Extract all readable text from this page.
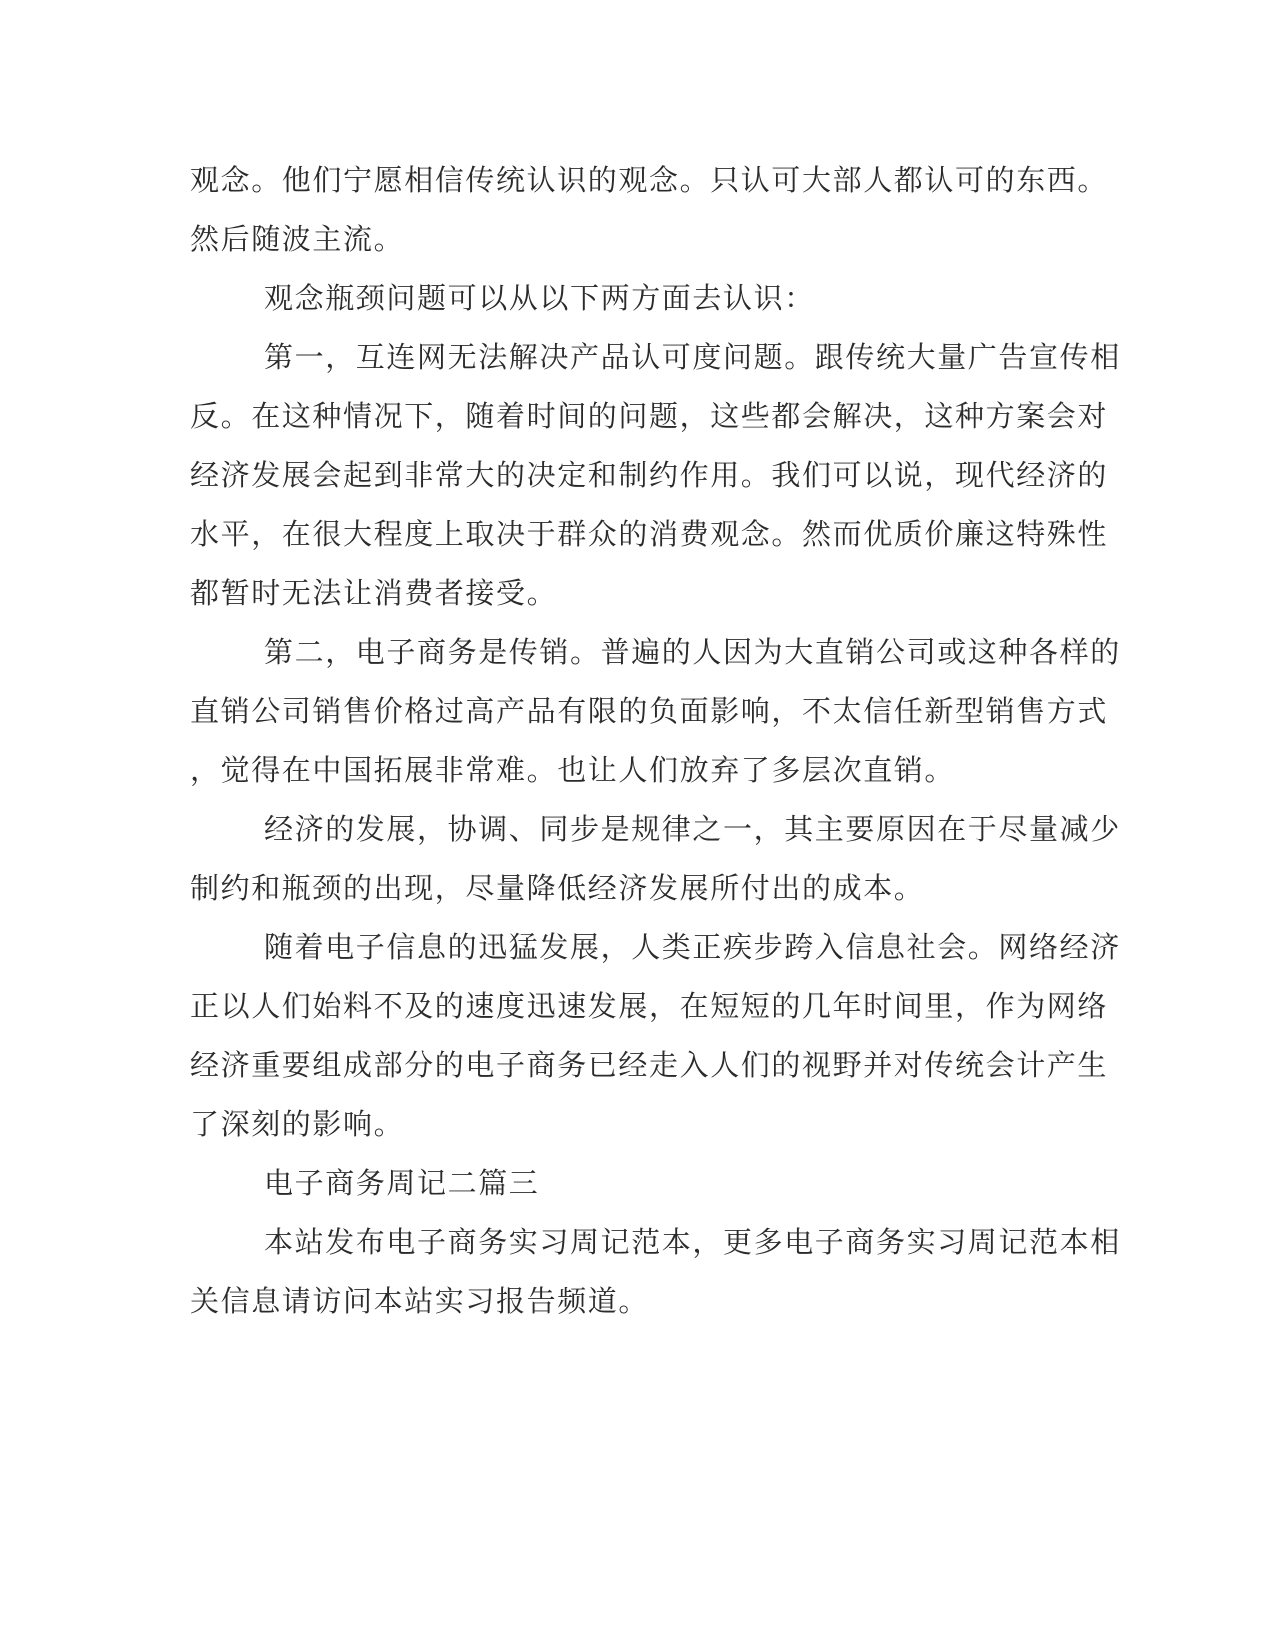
观念。他们宁愿相信传统认识的观念。只认可大部人都认可的东西。
然后随波主流。
观念瓶颈问题可以从以下两方面去认识：
第一，互连网无法解决产品认可度问题。跟传统大量广告宣传相
反。在这种情况下，随着时间的问题，这些都会解决，这种方案会对
经济发展会起到非常大的决定和制约作用。我们可以说，现代经济的
水平，在很大程度上取决于群众的消费观念。然而优质价廉这特殊性
都暂时无法让消费者接受。
第二，电子商务是传销。普遍的人因为大直销公司或这种各样的
直销公司销售价格过高产品有限的负面影响，不太信任新型销售方式
，觉得在中国拓展非常难。也让人们放弃了多层次直销。
经济的发展，协调、同步是规律之一，其主要原因在于尽量减少
制约和瓶颈的出现，尽量降低经济发展所付出的成本。
随着电子信息的迅猛发展，人类正疾步跨入信息社会。网络经济
正以人们始料不及的速度迅速发展，在短短的几年时间里，作为网络
经济重要组成部分的电子商务已经走入人们的视野并对传统会计产生
了深刻的影响。
电子商务周记二篇三
本站发布电子商务实习周记范本，更多电子商务实习周记范本相
关信息请访问本站实习报告频道。
